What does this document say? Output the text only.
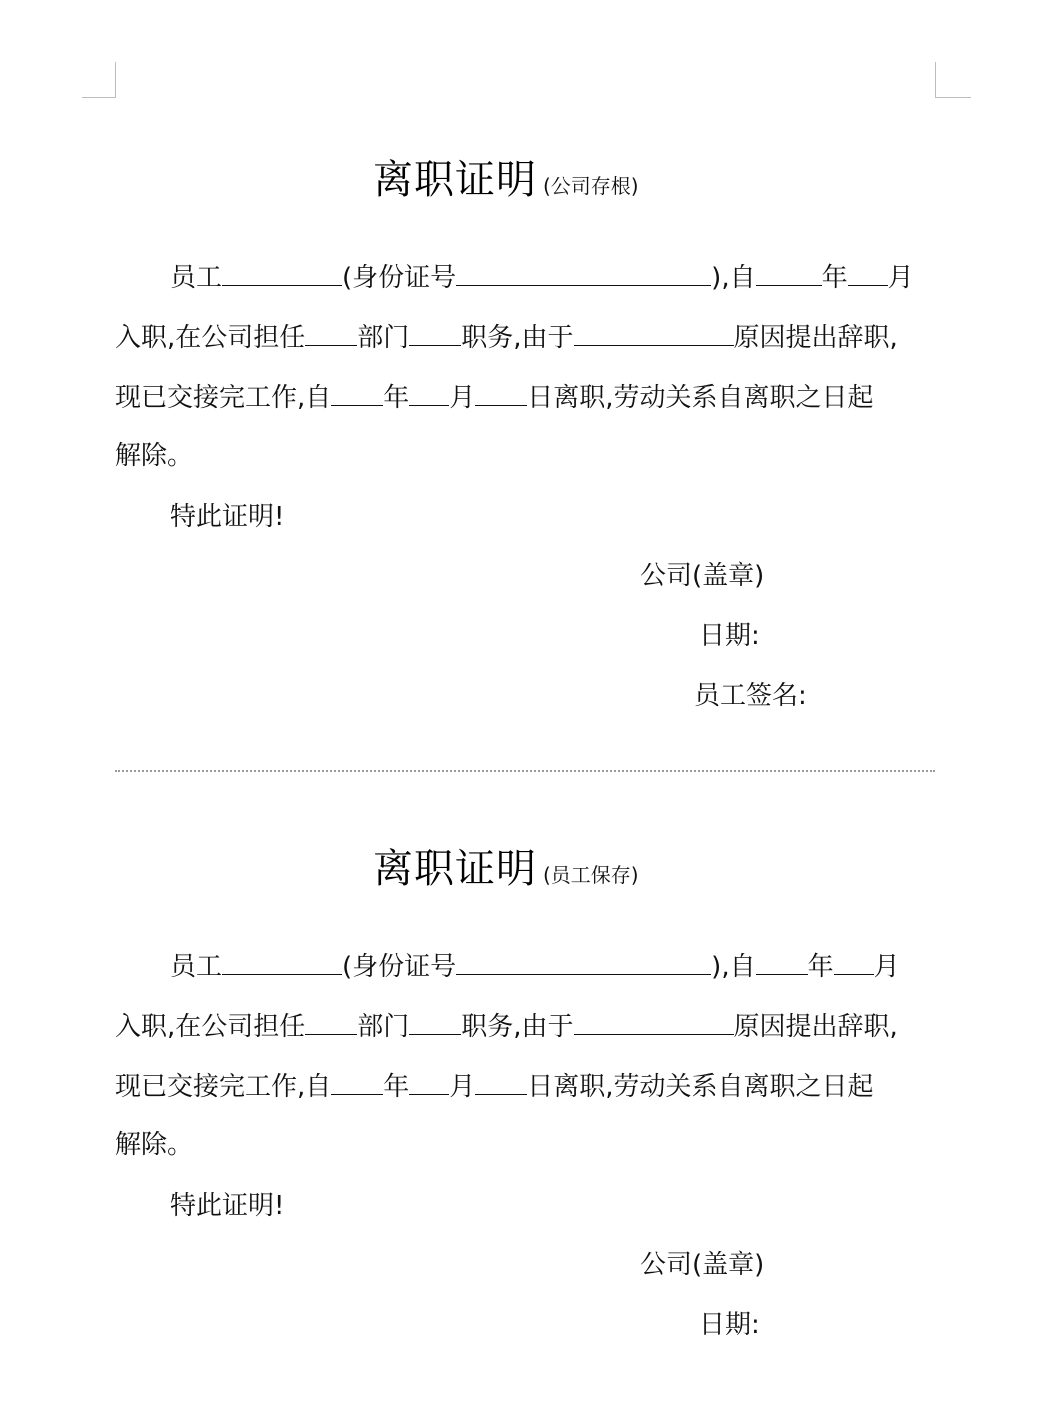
离职证明 (公司存根)
员工	(身份证号	),自	年 月
入职,在公司担任 部门 职务,由于	原因提出辞职,
现已交接完工作,自 年 月 日离职,劳动关系自离职之日起
解除。
特此证明!
公司(盖章)
日期:
员工签名:
离职证明 (员工保存)
员工	(身份证号	),自 年 月
入职,在公司担任 部门 职务,由于	原因提出辞职,
现已交接完工作,自 年 月 日离职,劳动关系自离职之日起
解除。
特此证明!
公司(盖章)
日期:
